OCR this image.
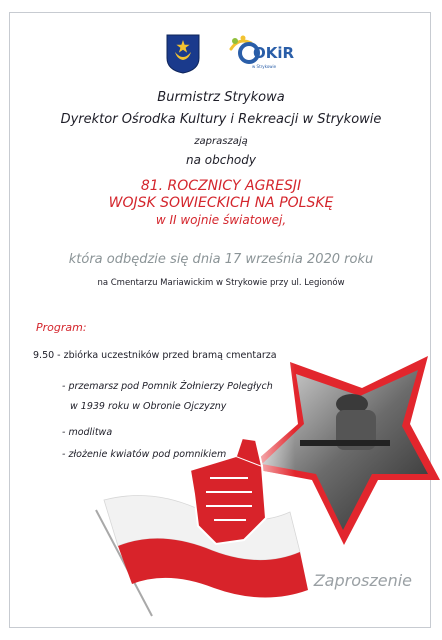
OKiR
w Strykowie
Burmistrz Strykowa
Dyrektor Ośrodka Kultury i Rekreacji w Strykowie
zapraszają
na obchody
81. ROCZNICY AGRESJI
WOJSK SOWIECKICH NA POLSKĘ
w II wojnie światowej,
która odbędzie się dnia 17 września 2020 roku
na Cmentarzu Mariawickim w Strykowie przy ul. Legionów
Program:
9.50 - zbiórka uczestników przed bramą cmentarza
- przemarsz pod Pomnik Żołnierzy Poległych
w 1939 roku w Obronie Ojczyzny
- modlitwa
- złożenie kwiatów pod pomnikiem
Zaproszenie
